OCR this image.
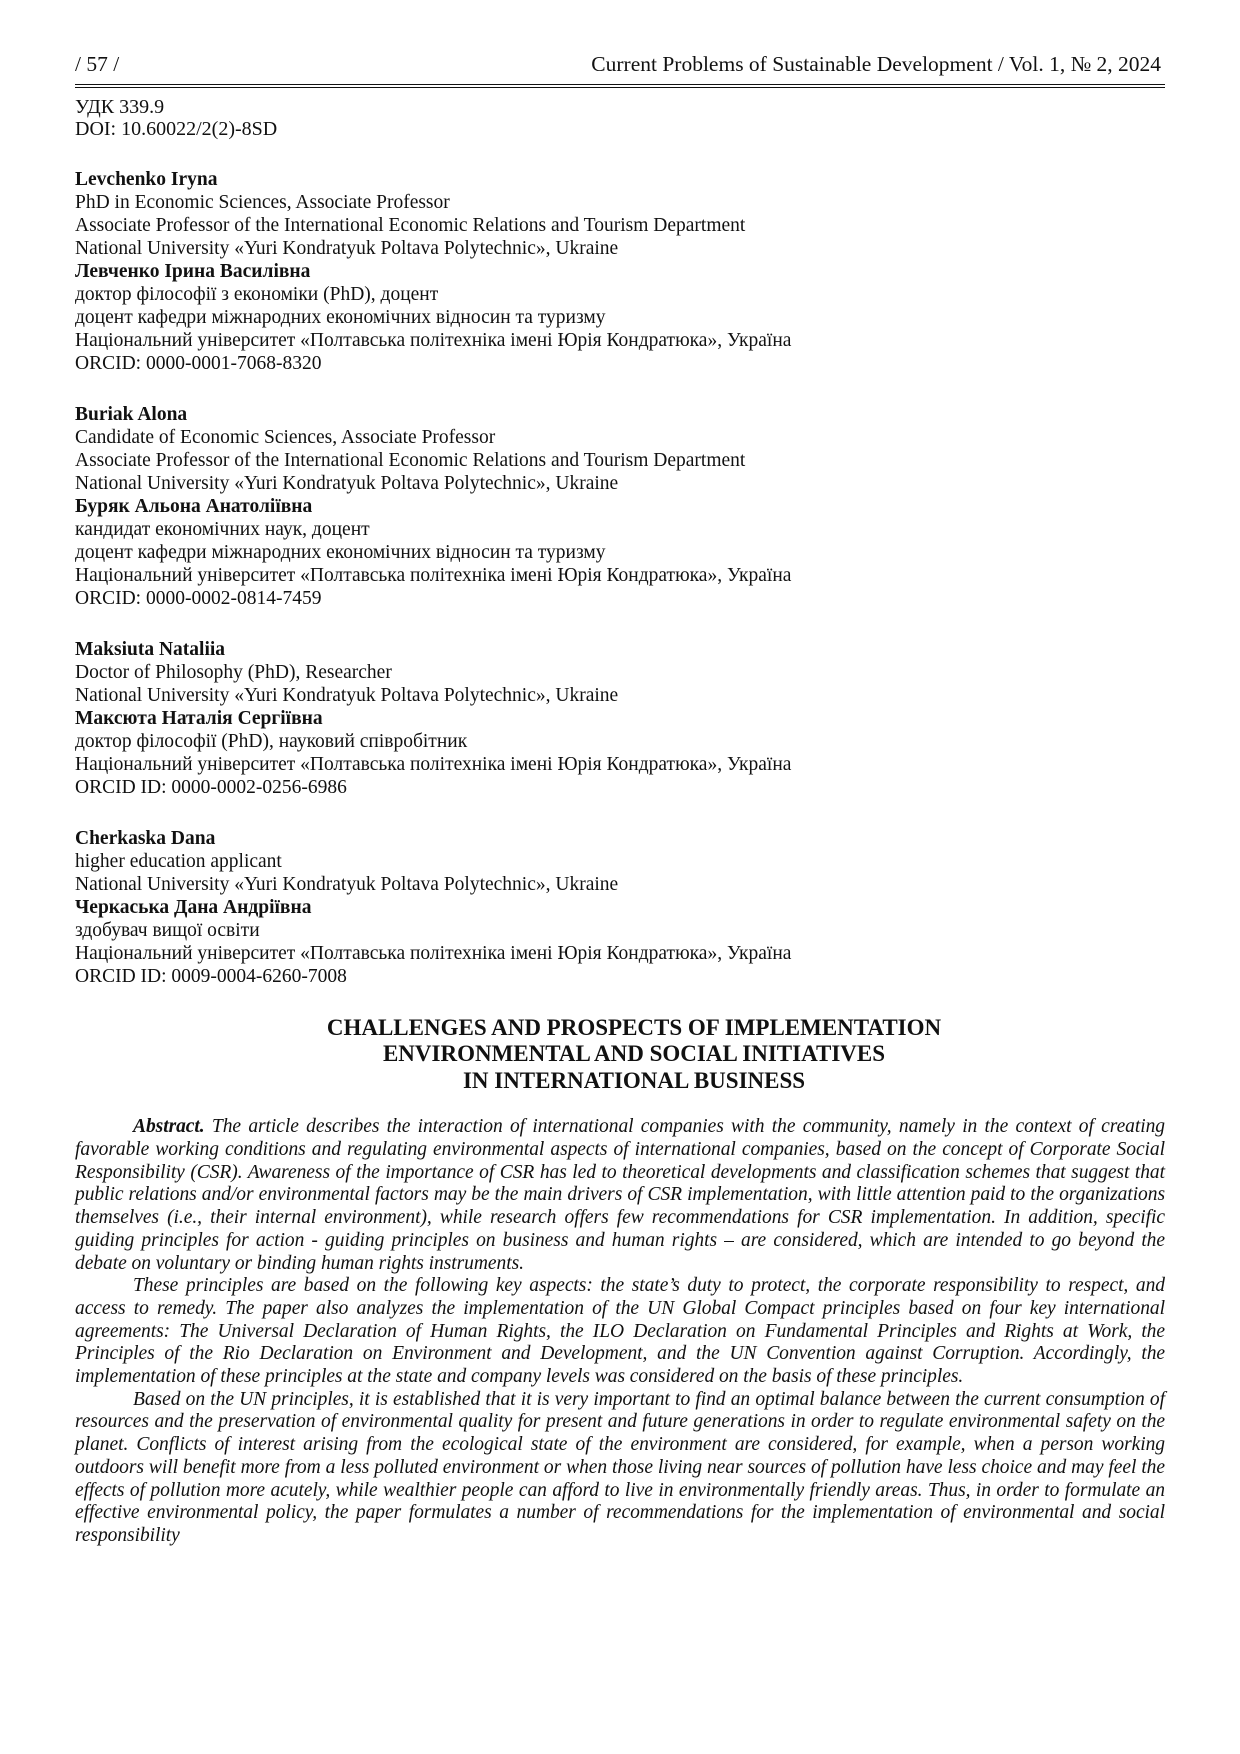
/ 57 /	Current Problems of Sustainable Development / Vol. 1, № 2, 2024
УДК 339.9
DOI: 10.60022/2(2)-8SD
Levchenko Iryna
PhD in Economic Sciences, Associate Professor
Associate Professor of the International Economic Relations and Tourism Department
National University «Yuri Kondratyuk Poltava Polytechnic», Ukraine
Левченко Ірина Василівна
доктор філософії з економіки (PhD), доцент
доцент кафедри міжнародних економічних відносин та туризму
Національний університет «Полтавська політехніка імені Юрія Кондратюка», Україна
ORCID: 0000-0001-7068-8320
Buriak Alona
Candidate of Economic Sciences, Associate Professor
Associate Professor of the International Economic Relations and Tourism Department
National University «Yuri Kondratyuk Poltava Polytechnic», Ukraine
Буряк Альона Анатоліївна
кандидат економічних наук, доцент
доцент кафедри міжнародних економічних відносин та туризму
Національний університет «Полтавська політехніка імені Юрія Кондратюка», Україна
ORCID: 0000-0002-0814-7459
Maksiuta Nataliia
Doctor of Philosophy (PhD), Researcher
National University «Yuri Kondratyuk Poltava Polytechnic», Ukraine
Максюта Наталія Сергіївна
доктор філософії (PhD), науковий співробітник
Національний університет «Полтавська політехніка імені Юрія Кондратюка», Україна
ORCID ID: 0000-0002-0256-6986
Cherkaska Dana
higher education applicant
National University «Yuri Kondratyuk Poltava Polytechnic», Ukraine
Черкаська Дана Андріївна
здобувач вищої освіти
Національний університет «Полтавська політехніка імені Юрія Кондратюка», Україна
ORCID ID: 0009-0004-6260-7008
CHALLENGES AND PROSPECTS OF IMPLEMENTATION
ENVIRONMENTAL AND SOCIAL INITIATIVES
IN INTERNATIONAL BUSINESS

Abstract. The article describes the interaction of international companies with the community, namely in the context of creating favorable working conditions and regulating environmental aspects of international companies, based on the concept of Corporate Social Responsibility (CSR). Awareness of the importance of CSR has led to theoretical developments and classification schemes that suggest that public relations and/or environmental factors may be the main drivers of CSR implementation, with little attention paid to the organizations themselves (i.e., their internal environment), while research offers few recommendations for CSR implementation. In addition, specific guiding principles for action - guiding principles on business and human rights – are considered, which are intended to go beyond the debate on voluntary or binding human rights instruments.

These principles are based on the following key aspects: the state’s duty to protect, the corporate responsibility to respect, and access to remedy. The paper also analyzes the implementation of the UN Global Compact principles based on four key international agreements: The Universal Declaration of Human Rights, the ILO Declaration on Fundamental Principles and Rights at Work, the Principles of the Rio Declaration on Environment and Development, and the UN Convention against Corruption. Accordingly, the implementation of these principles at the state and company levels was considered on the basis of these principles.

Based on the UN principles, it is established that it is very important to find an optimal balance between the current consumption of resources and the preservation of environmental quality for present and future generations in order to regulate environmental safety on the planet. Conflicts of interest arising from the ecological state of the environment are considered, for example, when a person working outdoors will benefit more from a less polluted environment or when those living near sources of pollution have less choice and may feel the effects of pollution more acutely, while wealthier people can afford to live in environmentally friendly areas. Thus, in order to formulate an effective environmental policy, the paper formulates a number of recommendations for the implementation of environmental and social responsibility
